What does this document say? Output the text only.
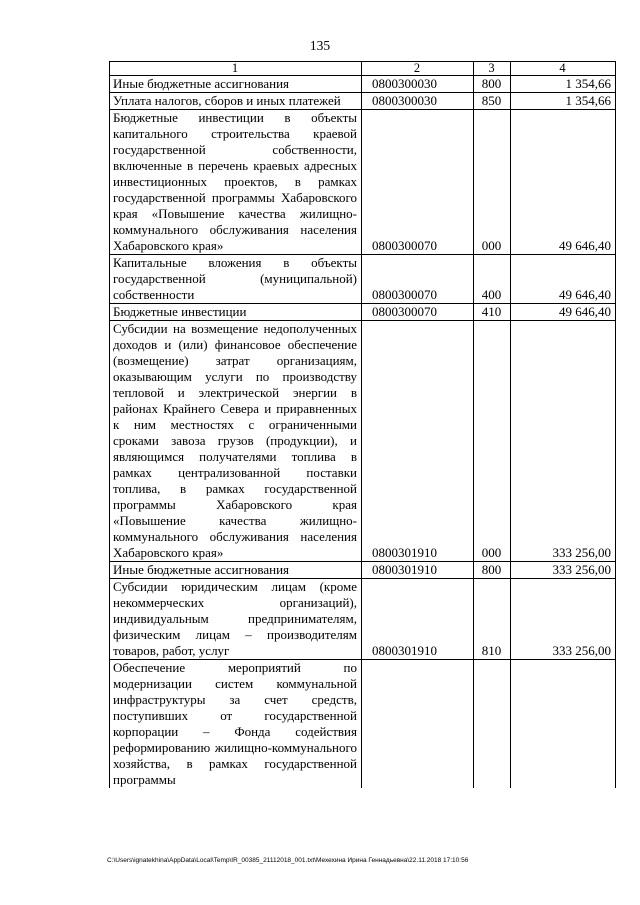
135
1	2	3	4
Иные бюджетные ассигнования	0800300030	800	1 354,66
Уплата налогов, сборов и иных платежей	0800300030	850	1 354,66
Бюджетные инвестиции в объекты капитального строительства краевой государственной собственности, включенные в перечень краевых адресных инвестиционных проектов, в рамках государственной программы Хабаровского края «Повышение качества жилищно-коммунального обслуживания населения Хабаровского края»	0800300070	000	49 646,40
Капитальные вложения в объекты государственной (муниципальной) собственности	0800300070	400	49 646,40
Бюджетные инвестиции	0800300070	410	49 646,40
Субсидии на возмещение недополученных доходов и (или) финансовое обеспечение (возмещение) затрат организациям, оказывающим услуги по производству тепловой и электрической энергии в районах Крайнего Севера и приравненных к ним местностях с ограниченными сроками завоза грузов (продукции), и являющимся получателями топлива в рамках централизованной поставки топлива, в рамках государственной программы Хабаровского края «Повышение качества жилищно-коммунального обслуживания населения Хабаровского края»	0800301910	000	333 256,00
Иные бюджетные ассигнования	0800301910	800	333 256,00
Субсидии юридическим лицам (кроме некоммерческих организаций), индивидуальным предпринимателям, физическим лицам – производителям товаров, работ, услуг	0800301910	810	333 256,00
Обеспечение мероприятий по модернизации систем коммунальной инфраструктуры за счет средств, поступивших от государственной корпорации – Фонда содействия реформированию жилищно-коммунального хозяйства, в рамках государственной программы			
C:\Users\ignatekhina\AppData\Local\Temp\IR_00385_21112018_001.txt\Мехехина Ирина Геннадьевна\22.11.2018 17:10:56
